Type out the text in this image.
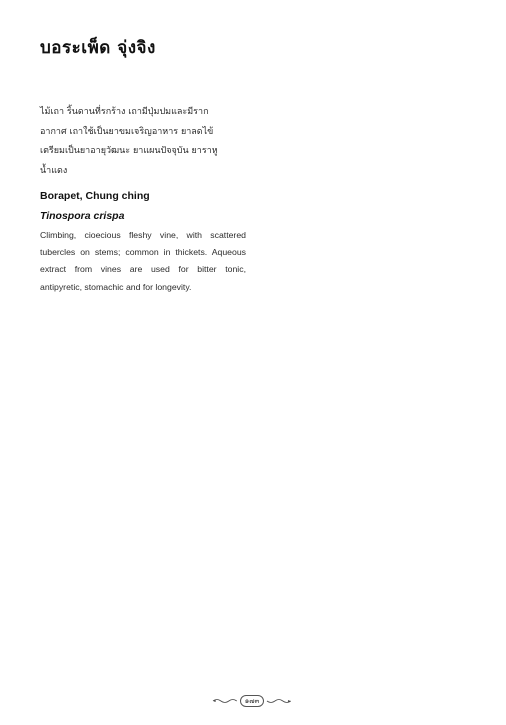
บอระเพ็ด จุ่งจิง
ไม้เถา ริ้นดานที่รกร้าง เถามีปุ่มปมและมีราก
อากาศ เถาใช้เป็นยาขมเจริญอาหาร ยาลดไข้
เตรียมเป็นยาอายุวัฒนะ ยาแผนปัจจุบัน ยาราหู
น้ำแดง
Borapet, Chung ching
Tinospora crispa
Climbing, cioecious fleshy vine, with scattered
tubercles on stems; common in thickets. Aqueous
extract from vines are used for bitter tonic,
antipyretic, stomachic and for longevity.
๑๗๓
